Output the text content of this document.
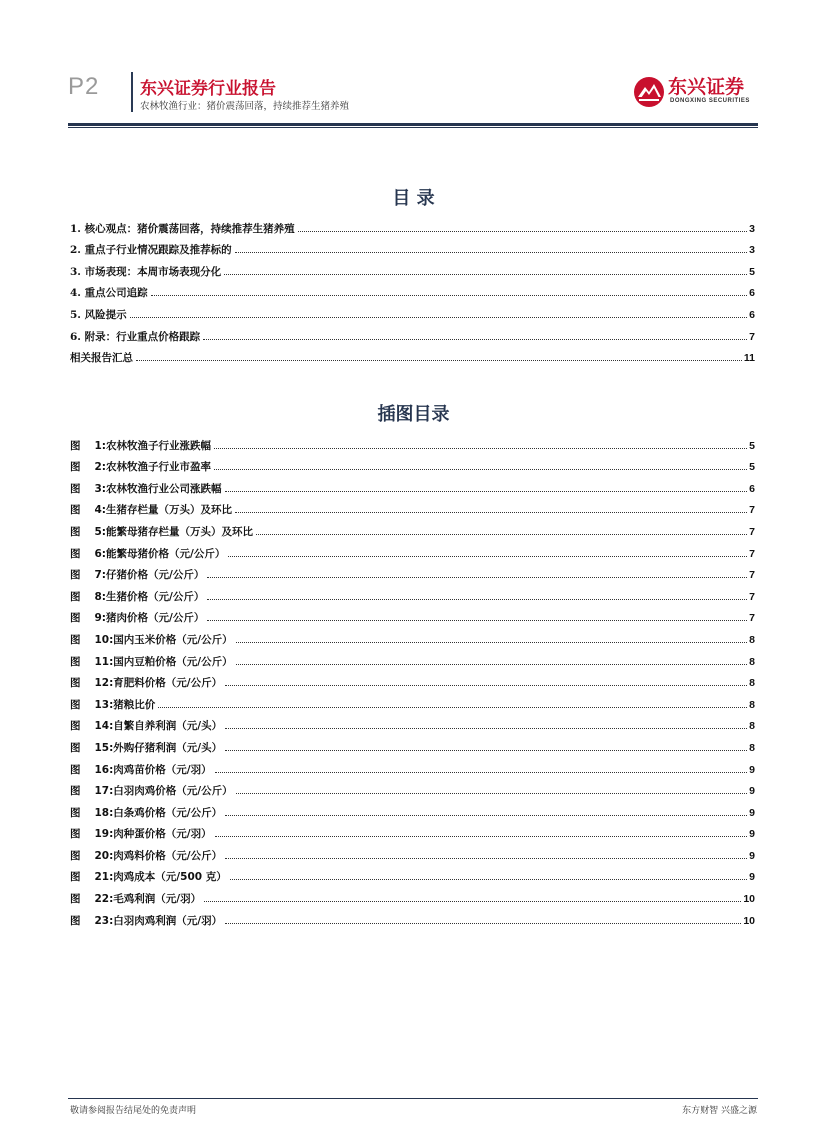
P2 东兴证券行业报告
农林牧渔行业：猪价震荡回落，持续推荐生猪养殖
东兴证券
DONGXING SECURITIES
目 录
1. 核心观点：猪价震荡回落，持续推荐生猪养殖	3
2. 重点子行业情况跟踪及推荐标的	3
3. 市场表现：本周市场表现分化	5
4. 重点公司追踪	6
5. 风险提示	6
6. 附录：行业重点价格跟踪	7
相关报告汇总	11
插图目录
图 1:农林牧渔子行业涨跌幅	5
图 2:农林牧渔子行业市盈率	5
图 3:农林牧渔行业公司涨跌幅	6
图 4:生猪存栏量（万头）及环比	7
图 5:能繁母猪存栏量（万头）及环比	7
图 6:能繁母猪价格（元/公斤）	7
图 7:仔猪价格（元/公斤）	7
图 8:生猪价格（元/公斤）	7
图 9:猪肉价格（元/公斤）	7
图 10:国内玉米价格（元/公斤）	8
图 11:国内豆粕价格（元/公斤）	8
图 12:育肥料价格（元/公斤）	8
图 13:猪粮比价	8
图 14:自繁自养利润（元/头）	8
图 15:外购仔猪利润（元/头）	8
图 16:肉鸡苗价格（元/羽）	9
图 17:白羽肉鸡价格（元/公斤）	9
图 18:白条鸡价格（元/公斤）	9
图 19:肉种蛋价格（元/羽）	9
图 20:肉鸡料价格（元/公斤）	9
图 21:肉鸡成本（元/500 克）	9
图 22:毛鸡利润（元/羽）	10
图 23:白羽肉鸡利润（元/羽）	10
敬请参阅报告结尾处的免责声明	东方财智 兴盛之源
